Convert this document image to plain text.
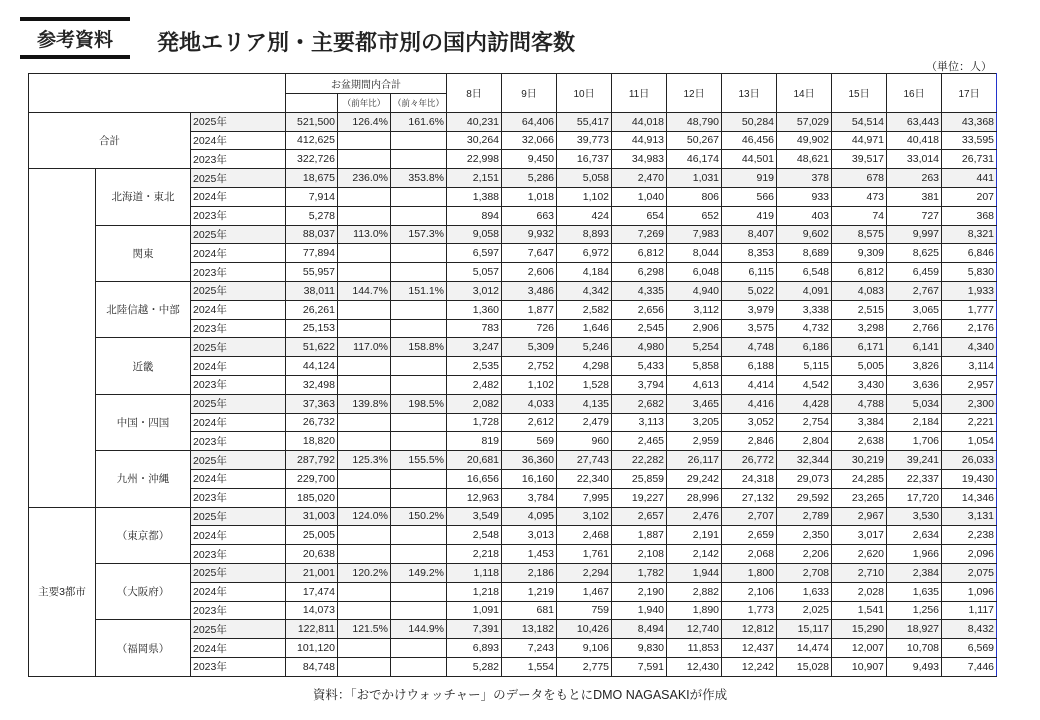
参考資料	発地エリア別・主要都市別の国内訪問客数
（単位：人）
			お盆期間内合計			8日	9日	10日	11日	12日	13日	14日	15日	16日	17日
				（前年比）	（前々年比）										
合計		2025年	521,500	126.4%	161.6%	40,231	64,406	55,417	44,018	48,790	50,284	57,029	54,514	63,443	43,368
		2024年	412,625			30,264	32,066	39,773	44,913	50,267	46,456	49,902	44,971	40,418	33,595
		2023年	322,726			22,998	9,450	16,737	34,983	46,174	44,501	48,621	39,517	33,014	26,731
	北海道・東北	2025年	18,675	236.0%	353.8%	2,151	5,286	5,058	2,470	1,031	919	378	678	263	441
		2024年	7,914			1,388	1,018	1,102	1,040	806	566	933	473	381	207
		2023年	5,278			894	663	424	654	652	419	403	74	727	368
	関東	2025年	88,037	113.0%	157.3%	9,058	9,932	8,893	7,269	7,983	8,407	9,602	8,575	9,997	8,321
		2024年	77,894			6,597	7,647	6,972	6,812	8,044	8,353	8,689	9,309	8,625	6,846
		2023年	55,957			5,057	2,606	4,184	6,298	6,048	6,115	6,548	6,812	6,459	5,830
	北陸信越・中部	2025年	38,011	144.7%	151.1%	3,012	3,486	4,342	4,335	4,940	5,022	4,091	4,083	2,767	1,933
		2024年	26,261			1,360	1,877	2,582	2,656	3,112	3,979	3,338	2,515	3,065	1,777
		2023年	25,153			783	726	1,646	2,545	2,906	3,575	4,732	3,298	2,766	2,176
	近畿	2025年	51,622	117.0%	158.8%	3,247	5,309	5,246	4,980	5,254	4,748	6,186	6,171	6,141	4,340
		2024年	44,124			2,535	2,752	4,298	5,433	5,858	6,188	5,115	5,005	3,826	3,114
		2023年	32,498			2,482	1,102	1,528	3,794	4,613	4,414	4,542	3,430	3,636	2,957
	中国・四国	2025年	37,363	139.8%	198.5%	2,082	4,033	4,135	2,682	3,465	4,416	4,428	4,788	5,034	2,300
		2024年	26,732			1,728	2,612	2,479	3,113	3,205	3,052	2,754	3,384	2,184	2,221
		2023年	18,820			819	569	960	2,465	2,959	2,846	2,804	2,638	1,706	1,054
	九州・沖縄	2025年	287,792	125.3%	155.5%	20,681	36,360	27,743	22,282	26,117	26,772	32,344	30,219	39,241	26,033
		2024年	229,700			16,656	16,160	22,340	25,859	29,242	24,318	29,073	24,285	22,337	19,430
		2023年	185,020			12,963	3,784	7,995	19,227	28,996	27,132	29,592	23,265	17,720	14,346
主要3都市	（東京都）	2025年	31,003	124.0%	150.2%	3,549	4,095	3,102	2,657	2,476	2,707	2,789	2,967	3,530	3,131
		2024年	25,005			2,548	3,013	2,468	1,887	2,191	2,659	2,350	3,017	2,634	2,238
		2023年	20,638			2,218	1,453	1,761	2,108	2,142	2,068	2,206	2,620	1,966	2,096
	（大阪府）	2025年	21,001	120.2%	149.2%	1,118	2,186	2,294	1,782	1,944	1,800	2,708	2,710	2,384	2,075
		2024年	17,474			1,218	1,219	1,467	2,190	2,882	2,106	1,633	2,028	1,635	1,096
		2023年	14,073			1,091	681	759	1,940	1,890	1,773	2,025	1,541	1,256	1,117
	（福岡県）	2025年	122,811	121.5%	144.9%	7,391	13,182	10,426	8,494	12,740	12,812	15,117	15,290	18,927	8,432
		2024年	101,120			6,893	7,243	9,106	9,830	11,853	12,437	14,474	12,007	10,708	6,569
		2023年	84,748			5,282	1,554	2,775	7,591	12,430	12,242	15,028	10,907	9,493	7,446
資料：「おでかけウォッチャー」のデータをもとにDMO NAGASAKIが作成
